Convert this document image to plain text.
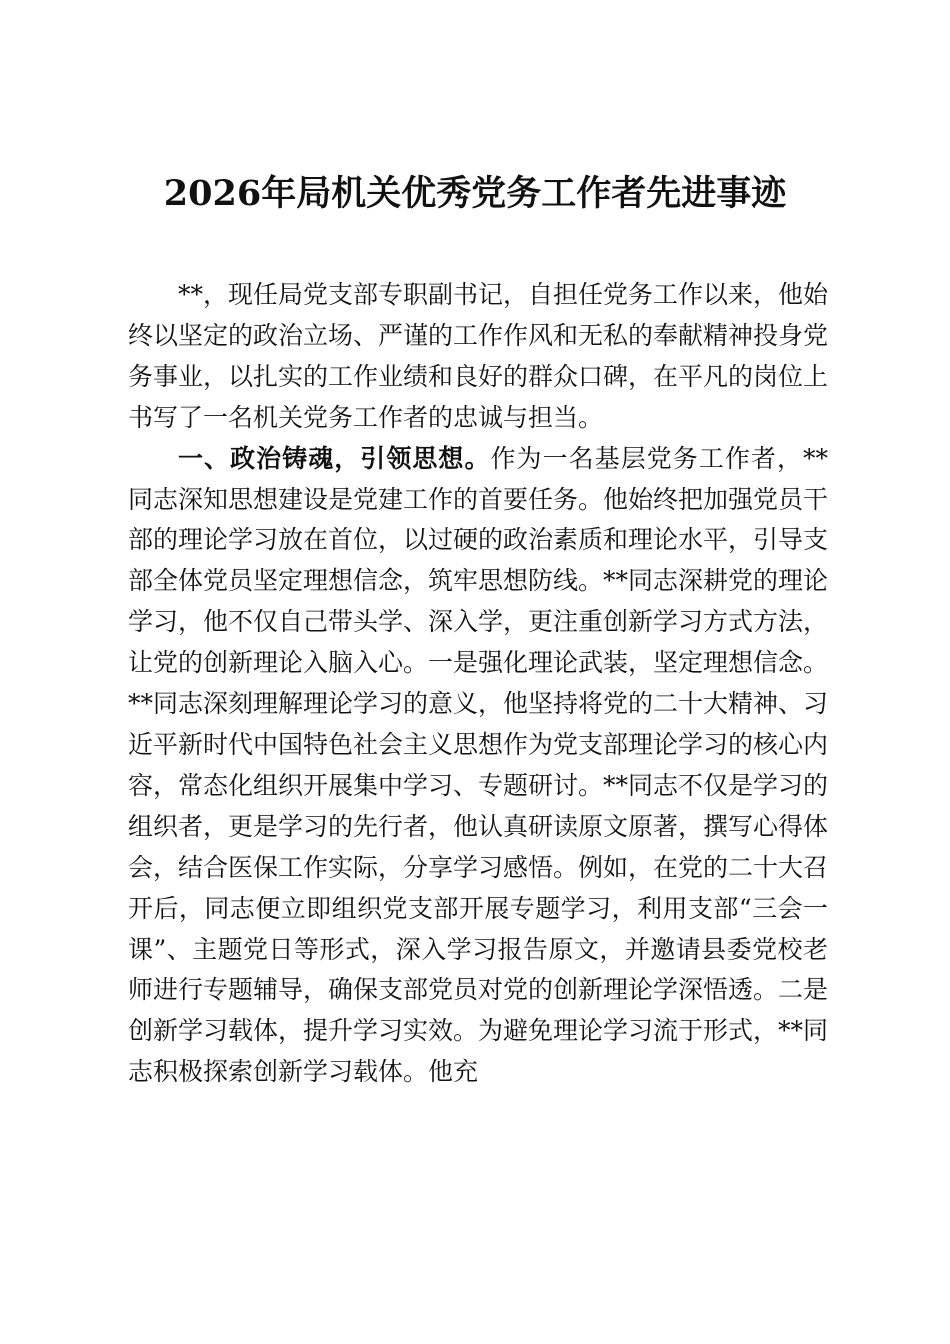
2026年局机关优秀党务工作者先进事迹

**，现任局党支部专职副书记，自担任党务工作以来，他始终以坚定的政治立场、严谨的工作作风和无私的奉献精神投身党务事业，以扎实的工作业绩和良好的群众口碑，在平凡的岗位上书写了一名机关党务工作者的忠诚与担当。

一、政治铸魂，引领思想。作为一名基层党务工作者，**同志深知思想建设是党建工作的首要任务。他始终把加强党员干部的理论学习放在首位，以过硬的政治素质和理论水平，引导支部全体党员坚定理想信念，筑牢思想防线。**同志深耕党的理论学习，他不仅自己带头学、深入学，更注重创新学习方式方法，让党的创新理论入脑入心。一是强化理论武装，坚定理想信念。**同志深刻理解理论学习的意义，他坚持将党的二十大精神、习近平新时代中国特色社会主义思想作为党支部理论学习的核心内容，常态化组织开展集中学习、专题研讨。**同志不仅是学习的组织者，更是学习的先行者，他认真研读原文原著，撰写心得体会，结合医保工作实际，分享学习感悟。例如，在党的二十大召开后，同志便立即组织党支部开展专题学习，利用支部“三会一课”、主题党日等形式，深入学习报告原文，并邀请县委党校老师进行专题辅导，确保支部党员对党的创新理论学深悟透。二是创新学习载体，提升学习实效。为避免理论学习流于形式，**同志积极探索创新学习载体。他充
